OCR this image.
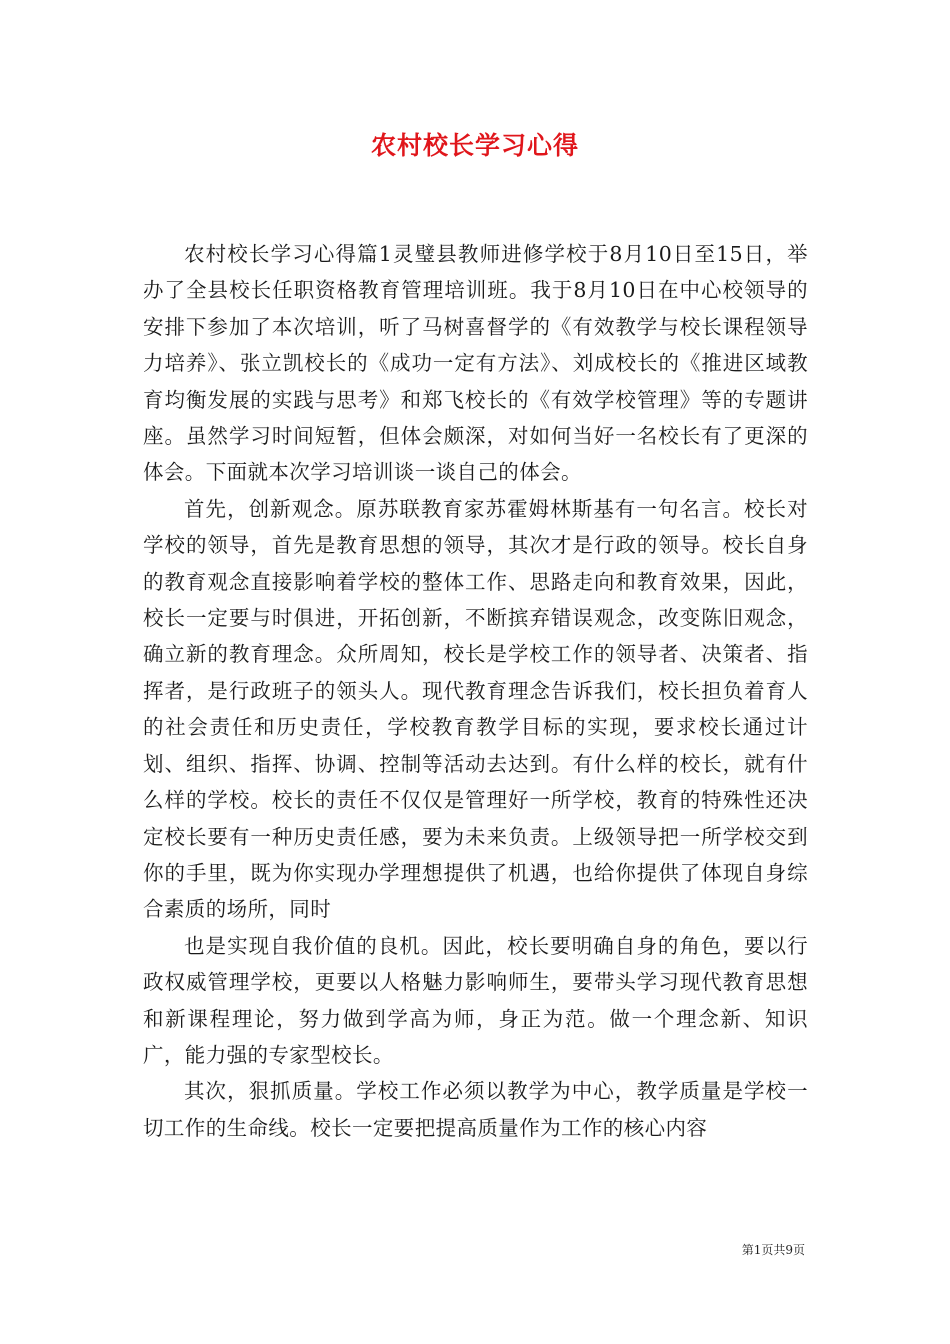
农村校长学习心得

农村校长学习心得篇1灵璧县教师进修学校于8月10日至15日，举办了全县校长任职资格教育管理培训班。我于8月10日在中心校领导的安排下参加了本次培训，听了马树喜督学的《有效教学与校长课程领导力培养》、张立凯校长的《成功一定有方法》、刘成校长的《推进区域教育均衡发展的实践与思考》和郑飞校长的《有效学校管理》等的专题讲座。虽然学习时间短暂，但体会颇深，对如何当好一名校长有了更深的体会。下面就本次学习培训谈一谈自己的体会。

首先，创新观念。原苏联教育家苏霍姆林斯基有一句名言。校长对学校的领导，首先是教育思想的领导，其次才是行政的领导。校长自身的教育观念直接影响着学校的整体工作、思路走向和教育效果，因此，校长一定要与时俱进，开拓创新，不断摈弃错误观念，改变陈旧观念，确立新的教育理念。众所周知，校长是学校工作的领导者、决策者、指挥者，是行政班子的领头人。现代教育理念告诉我们，校长担负着育人的社会责任和历史责任，学校教育教学目标的实现，要求校长通过计划、组织、指挥、协调、控制等活动去达到。有什么样的校长，就有什么样的学校。校长的责任不仅仅是管理好一所学校，教育的特殊性还决定校长要有一种历史责任感，要为未来负责。上级领导把一所学校交到你的手里，既为你实现办学理想提供了机遇，也给你提供了体现自身综合素质的场所，同时

也是实现自我价值的良机。因此，校长要明确自身的角色，要以行政权威管理学校，更要以人格魅力影响师生，要带头学习现代教育思想和新课程理论，努力做到学高为师，身正为范。做一个理念新、知识广，能力强的专家型校长。

其次，狠抓质量。学校工作必须以教学为中心，教学质量是学校一切工作的生命线。校长一定要把提高质量作为工作的核心内容

第1页共9页
